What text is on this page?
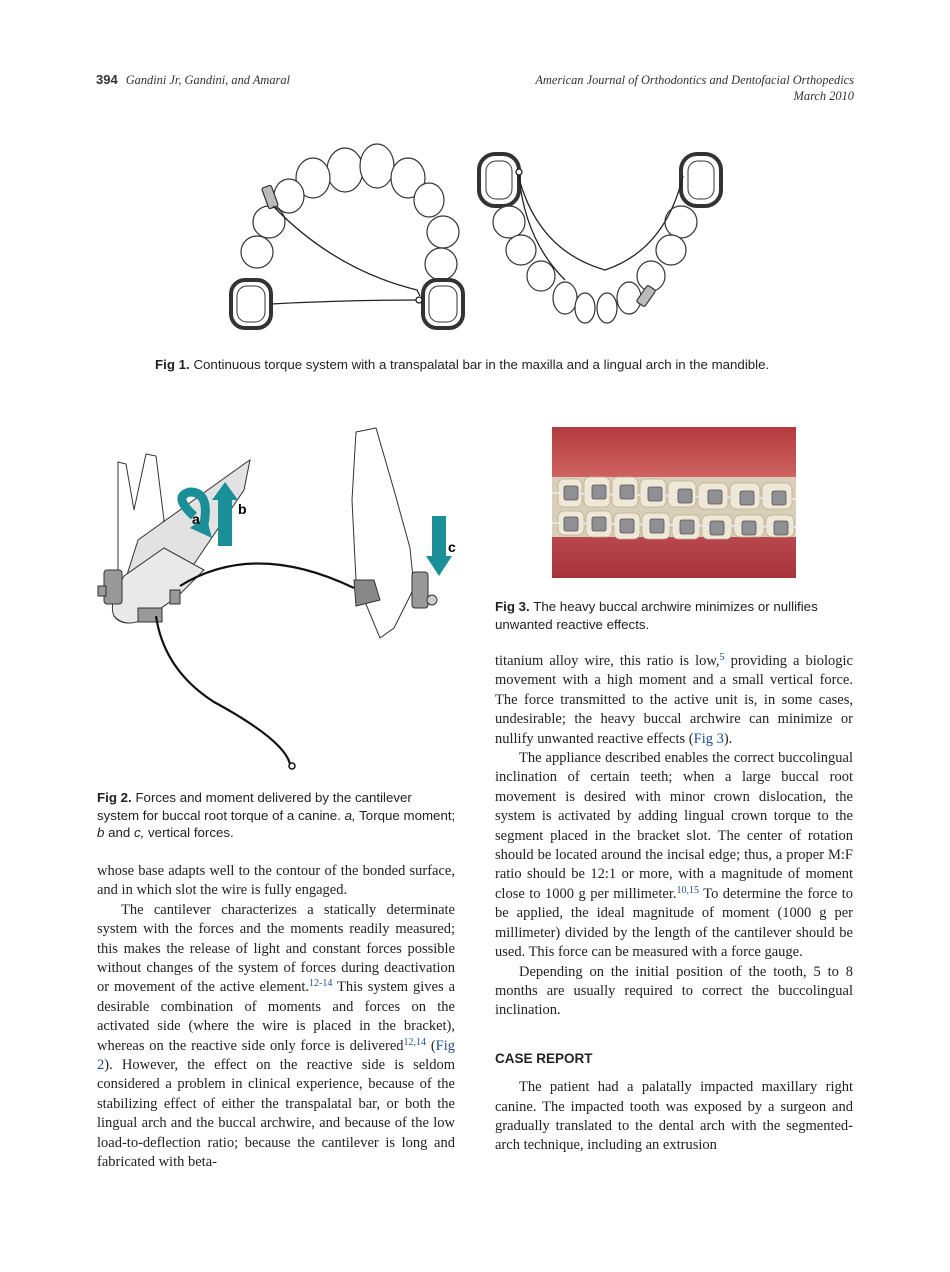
394 Gandini Jr, Gandini, and Amaral	American Journal of Orthodontics and Dentofacial Orthopedics
March 2010
Fig 1. Continuous torque system with a transpalatal bar in the maxilla and a lingual arch in the mandible.
a
b
c
Fig 2. Forces and moment delivered by the cantilever system for buccal root torque of a canine. a, Torque moment; b and c, vertical forces.
Fig 3. The heavy buccal archwire minimizes or nullifies unwanted reactive effects.

whose base adapts well to the contour of the bonded surface, and in which slot the wire is fully engaged.

The cantilever characterizes a statically determinate system with the forces and the moments readily measured; this makes the release of light and constant forces possible without changes of the system of forces during deactivation or movement of the active element.$^{12-14}$ This system gives a desirable combination of moments and forces on the activated side (where the wire is placed in the bracket), whereas on the reactive side only force is delivered$^{12,14}$ (Fig 2). However, the effect on the reactive side is seldom considered a problem in clinical experience, because of the stabilizing effect of either the transpalatal bar, or both the lingual arch and the buccal archwire, and because of the low load-to-deflection ratio; because the cantilever is long and fabricated with beta-

titanium alloy wire, this ratio is low,$^5$ providing a biologic movement with a high moment and a small vertical force. The force transmitted to the active unit is, in some cases, undesirable; the heavy buccal archwire can minimize or nullify unwanted reactive effects (Fig 3).

The appliance described enables the correct buccolingual inclination of certain teeth; when a large buccal root movement is desired with minor crown dislocation, the system is activated by adding lingual crown torque to the segment placed in the bracket slot. The center of rotation should be located around the incisal edge; thus, a proper M:F ratio should be 12:1 or more, with a magnitude of moment close to 1000 g per millimeter.$^{10,15}$ To determine the force to be applied, the ideal magnitude of moment (1000 g per millimeter) divided by the length of the cantilever should be used. This force can be measured with a force gauge.

Depending on the initial position of the tooth, 5 to 8 months are usually required to correct the buccolingual inclination.

CASE REPORT

The patient had a palatally impacted maxillary right canine. The impacted tooth was exposed by a surgeon and gradually translated to the dental arch with the segmented-arch technique, including an extrusion
